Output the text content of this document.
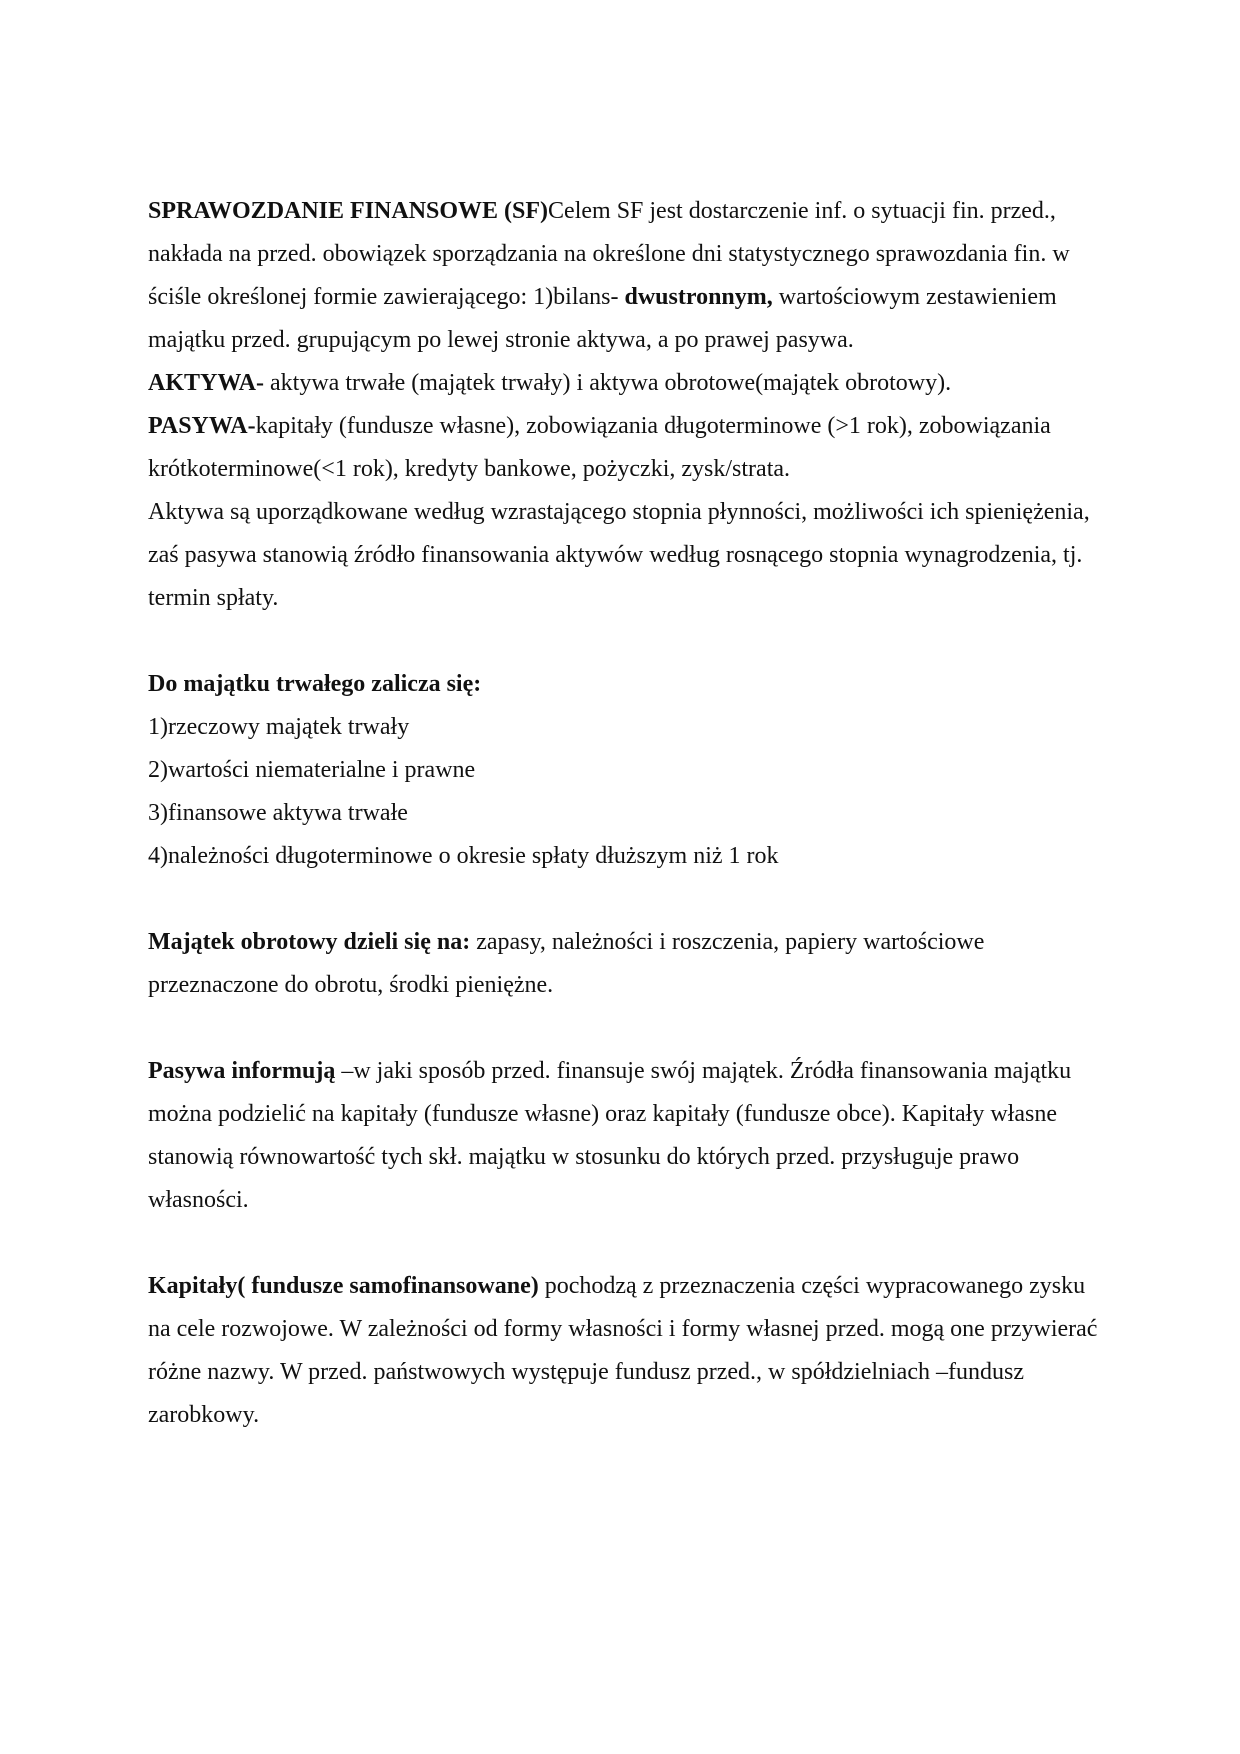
SPRAWOZDANIE FINANSOWE (SF)Celem SF jest dostarczenie inf. o sytuacji fin. przed., nakłada na przed. obowiązek sporządzania na określone dni statystycznego sprawozdania fin. w ściśle określonej formie zawierającego: 1)bilans- dwustronnym, wartościowym zestawieniem majątku przed. grupującym po lewej stronie aktywa, a po prawej pasywa.

AKTYWA- aktywa trwałe (majątek trwały) i aktywa obrotowe(majątek obrotowy).

PASYWA-kapitały (fundusze własne), zobowiązania długoterminowe (>1 rok), zobowiązania krótkoterminowe(<1 rok), kredyty bankowe, pożyczki, zysk/strata.

Aktywa są uporządkowane według wzrastającego stopnia płynności, możliwości ich spieniężenia, zaś pasywa stanowią źródło finansowania aktywów według rosnącego stopnia wynagrodzenia, tj. termin spłaty.

Do majątku trwałego zalicza się:

1)rzeczowy majątek trwały

2)wartości niematerialne i prawne

3)finansowe aktywa trwałe

4)należności długoterminowe o okresie spłaty dłuższym niż 1 rok

Majątek obrotowy dzieli się na: zapasy, należności i roszczenia, papiery wartościowe przeznaczone do obrotu, środki pieniężne.

Pasywa informują –w jaki sposób przed. finansuje swój majątek. Źródła finansowania majątku można podzielić na kapitały (fundusze własne) oraz kapitały (fundusze obce). Kapitały własne stanowią równowartość tych skł. majątku w stosunku do których przed. przysługuje prawo własności.

Kapitały( fundusze samofinansowane) pochodzą z przeznaczenia części wypracowanego zysku na cele rozwojowe. W zależności od formy własności i formy własnej przed. mogą one przywierać różne nazwy. W przed. państwowych występuje fundusz przed., w spółdzielniach –fundusz zarobkowy.
